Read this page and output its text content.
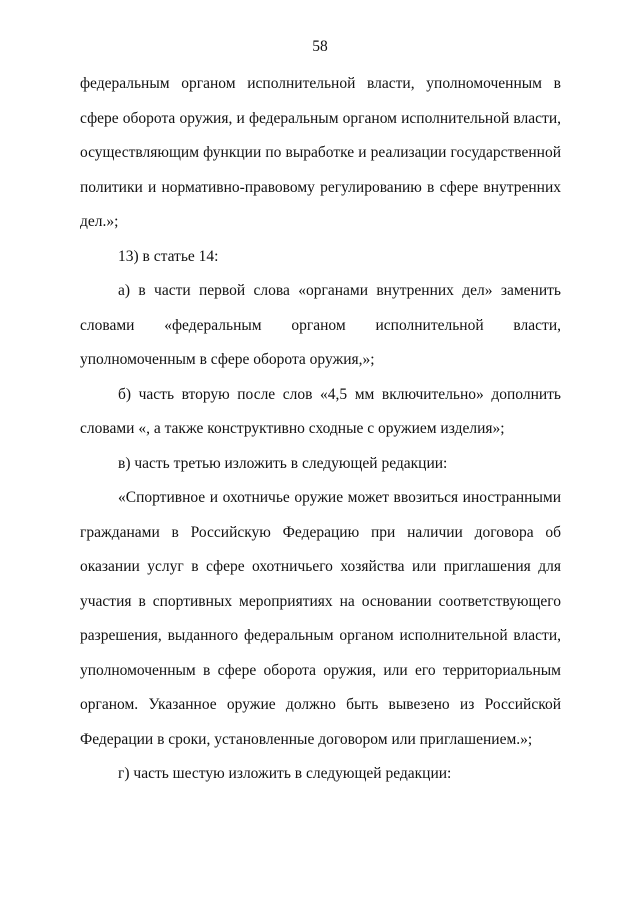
58

федеральным органом исполнительной власти, уполномоченным в сфере оборота оружия, и федеральным органом исполнительной власти, осуществляющим функции по выработке и реализации государственной политики и нормативно-правовому регулированию в сфере внутренних дел.»;

13) в статье 14:

а) в части первой слова «органами внутренних дел» заменить словами «федеральным органом исполнительной власти, уполномоченным в сфере оборота оружия,»;

б) часть вторую после слов «4,5 мм включительно» дополнить словами «, а также конструктивно сходные с оружием изделия»;

в) часть третью изложить в следующей редакции:

«Спортивное и охотничье оружие может ввозиться иностранными гражданами в Российскую Федерацию при наличии договора об оказании услуг в сфере охотничьего хозяйства или приглашения для участия в спортивных мероприятиях на основании соответствующего разрешения, выданного федеральным органом исполнительной власти, уполномоченным в сфере оборота оружия, или его территориальным органом. Указанное оружие должно быть вывезено из Российской Федерации в сроки, установленные договором или приглашением.»;

г) часть шестую изложить в следующей редакции:
